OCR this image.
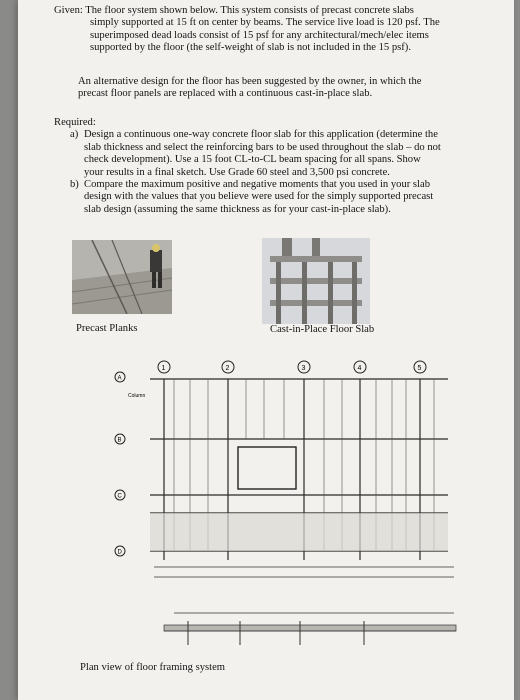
Given: The floor system shown below. This system consists of precast concrete slabs
simply supported at 15 ft on center by beams. The service live load is 120 psf. The
superimposed dead loads consist of 15 psf for any architectural/mech/elec items
supported by the floor (the self-weight of slab is not included in the 15 psf).
An alternative design for the floor has been suggested by the owner, in which the
precast floor panels are replaced with a continuous cast-in-place slab.
Required:
a) Design a continuous one-way concrete floor slab for this application (determine the
slab thickness and select the reinforcing bars to be used throughout the slab – do not
check development). Use a 15 foot CL-to-CL beam spacing for all spans. Show
your results in a final sketch. Use Grade 60 steel and 3,500 psi concrete.
b) Compare the maximum positive and negative moments that you used in your slab
design with the values that you believe were used for the simply supported precast
slab design (assuming the same thickness as for your cast-in-place slab).
Precast Planks	Cast-in-Place Floor Slab
1	2	3	4	5
A
B
C
D
Column
Plan view of floor framing system
